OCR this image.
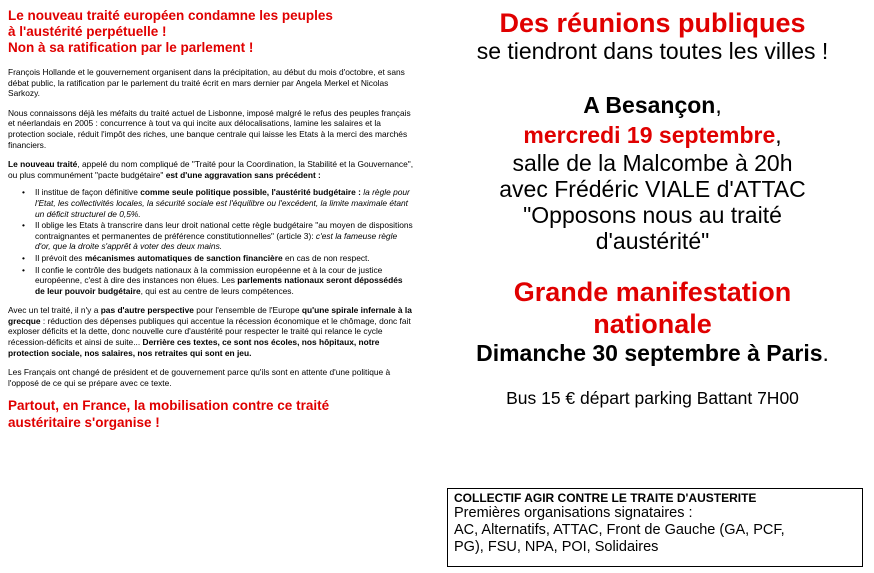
Le nouveau traité européen condamne les peuples
à l'austérité perpétuelle !
Non à sa ratification par le parlement !
François Hollande et le gouvernement organisent dans la précipitation, au début du mois d'octobre, et sans débat public, la ratification par le parlement du traité écrit en mars dernier par Angela Merkel et Nicolas Sarkozy.
Nous connaissons déjà les méfaits du traité actuel de Lisbonne, imposé malgré le refus des peuples français et néerlandais en 2005 : concurrence à tout va qui incite aux délocalisations, lamine les salaires et la protection sociale, réduit l'impôt des riches, une banque centrale qui laisse les Etats à la merci des marchés financiers.
Le nouveau traité, appelé du nom compliqué de "Traité pour la Coordination, la Stabilité et la Gouvernance", ou plus communément "pacte budgétaire" est d'une aggravation sans précédent :
• Il institue de façon définitive comme seule politique possible, l'austérité budgétaire : la règle pour l'Etat, les collectivités locales, la sécurité sociale est l'équilibre ou l'excédent, la limite maximale étant un déficit structurel de 0,5%.
• Il oblige les Etats à transcrire dans leur droit national cette règle budgétaire "au moyen de dispositions contraignantes et permanentes de préférence constitutionnelles" (article 3): c'est la fameuse règle d'or, que la droite s'apprêt à voter des deux mains.
• Il prévoit des mécanismes automatiques de sanction financière en cas de non respect.
• Il confie le contrôle des budgets nationaux à la commission européenne et à la cour de justice européenne, c'est à dire des instances non élues. Les parlements nationaux seront dépossédés de leur pouvoir budgétaire, qui est au centre de leurs compétences.
Avec un tel traité, il n'y a pas d'autre perspective pour l'ensemble de l'Europe qu'une spirale infernale à la grecque : réduction des dépenses publiques qui accentue la récession économique et le chômage, donc fait exploser déficits et la dette, donc nouvelle cure d'austérité pour respecter le traité qui relance le cycle récession-déficits et ainsi de suite... Derrière ces textes, ce sont nos écoles, nos hôpitaux, notre protection sociale, nos salaires, nos retraites qui sont en jeu.
Les Français ont changé de président et de gouvernement parce qu'ils sont en attente d'une politique à l'opposé de ce qui se prépare avec ce texte.
Partout, en France, la mobilisation contre ce traité
austéritaire s'organise !
Des réunions publiques
se tiendront dans toutes les villes !
A Besançon,
mercredi 19 septembre,
salle de la Malcombe à 20h
avec Frédéric VIALE d'ATTAC
"Opposons nous au traité
d'austérité"
Grande manifestation
nationale
Dimanche 30 septembre à Paris.
Bus 15 € départ parking Battant 7H00
COLLECTIF AGIR CONTRE LE TRAITE D'AUSTERITE
Premières organisations signataires :
AC, Alternatifs, ATTAC, Front de Gauche (GA, PCF,
PG), FSU, NPA, POI, Solidaires
